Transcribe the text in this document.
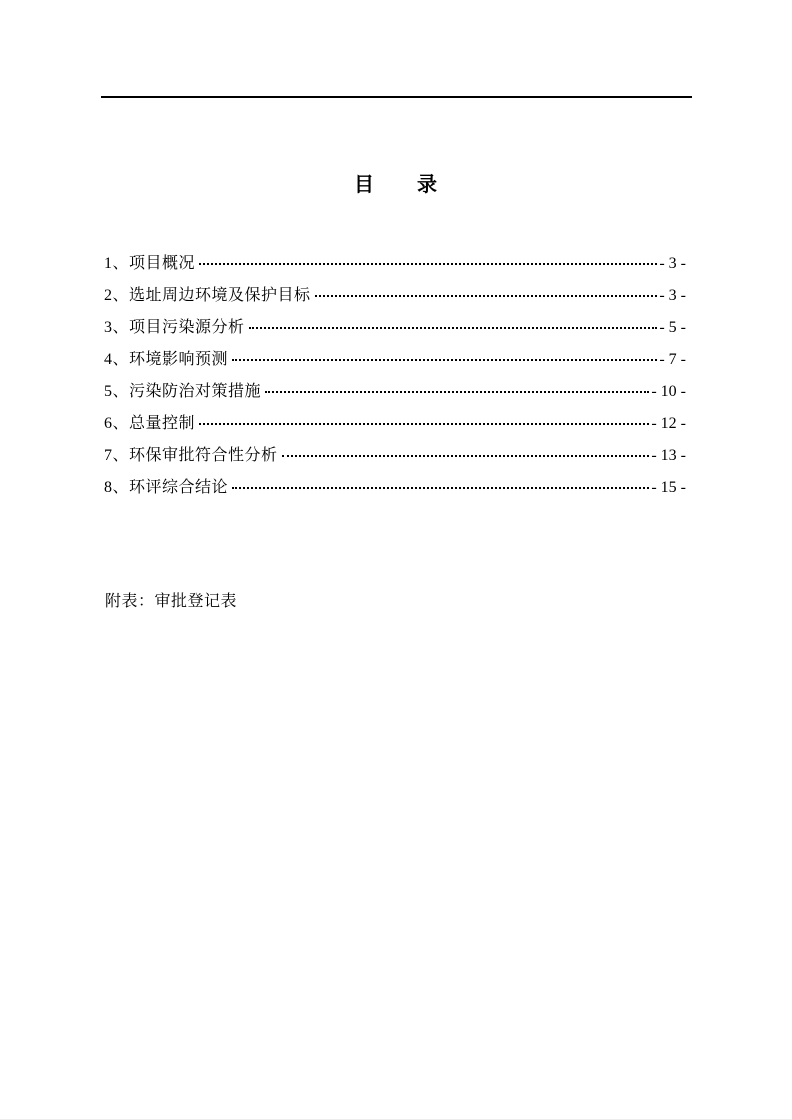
目　　录
1、项目概况	- 3 -
2、选址周边环境及保护目标	- 3 -
3、项目污染源分析	- 5 -
4、环境影响预测	- 7 -
5、污染防治对策措施	- 10 -
6、总量控制	- 12 -
7、环保审批符合性分析	- 13 -
8、环评综合结论	- 15 -
附表：审批登记表
